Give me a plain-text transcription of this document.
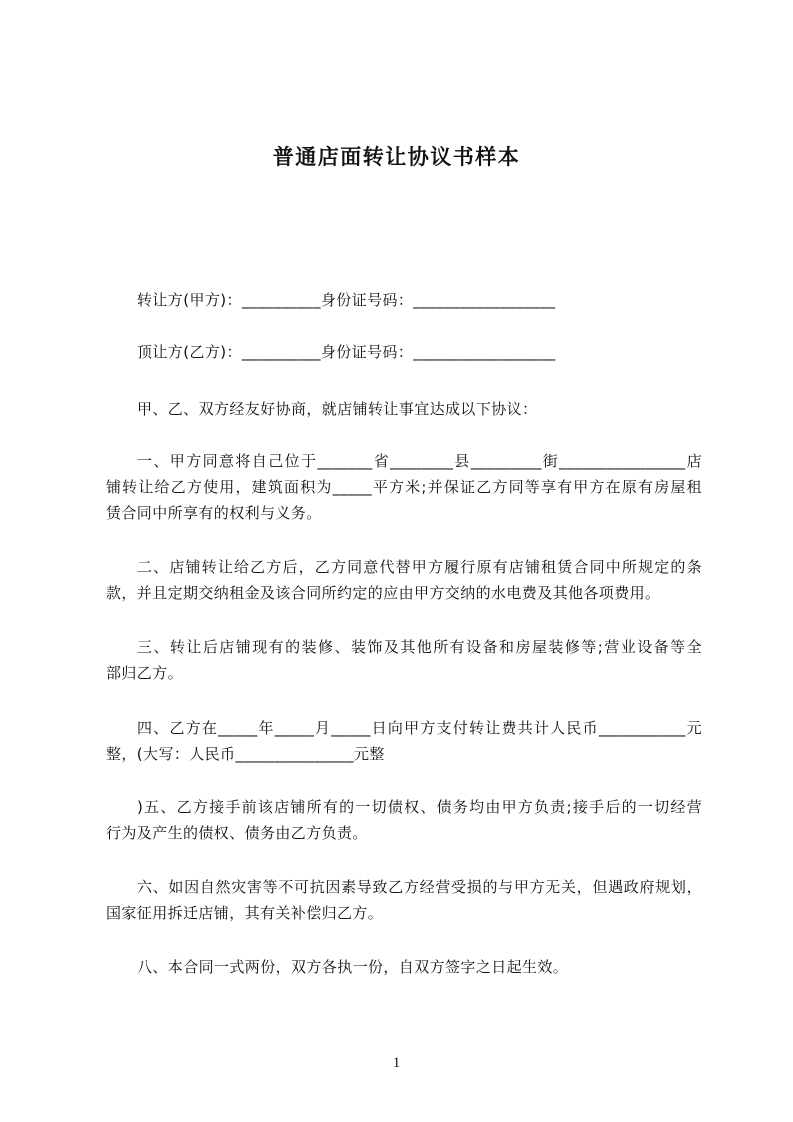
普通店面转让协议书样本
转让方(甲方)：__________身份证号码：__________________
顶让方(乙方)：__________身份证号码：__________________
甲、乙、双方经友好协商，就店铺转让事宜达成以下协议：
一、甲方同意将自己位于_______省________县_________街________________店
铺转让给乙方使用，建筑面积为_____平方米;并保证乙方同等享有甲方在原有房屋租
赁合同中所享有的权利与义务。
二、店铺转让给乙方后，乙方同意代替甲方履行原有店铺租赁合同中所规定的条
款，并且定期交纳租金及该合同所约定的应由甲方交纳的水电费及其他各项费用。
三、转让后店铺现有的装修、装饰及其他所有设备和房屋装修等;营业设备等全
部归乙方。
四、乙方在_____年_____月_____日向甲方支付转让费共计人民币___________元
整，(大写：人民币_______________元整
)五、乙方接手前该店铺所有的一切债权、债务均由甲方负责;接手后的一切经营
行为及产生的债权、债务由乙方负责。
六、如因自然灾害等不可抗因素导致乙方经营受损的与甲方无关，但遇政府规划，
国家征用拆迁店铺，其有关补偿归乙方。
八、本合同一式两份，双方各执一份，自双方签字之日起生效。
1
